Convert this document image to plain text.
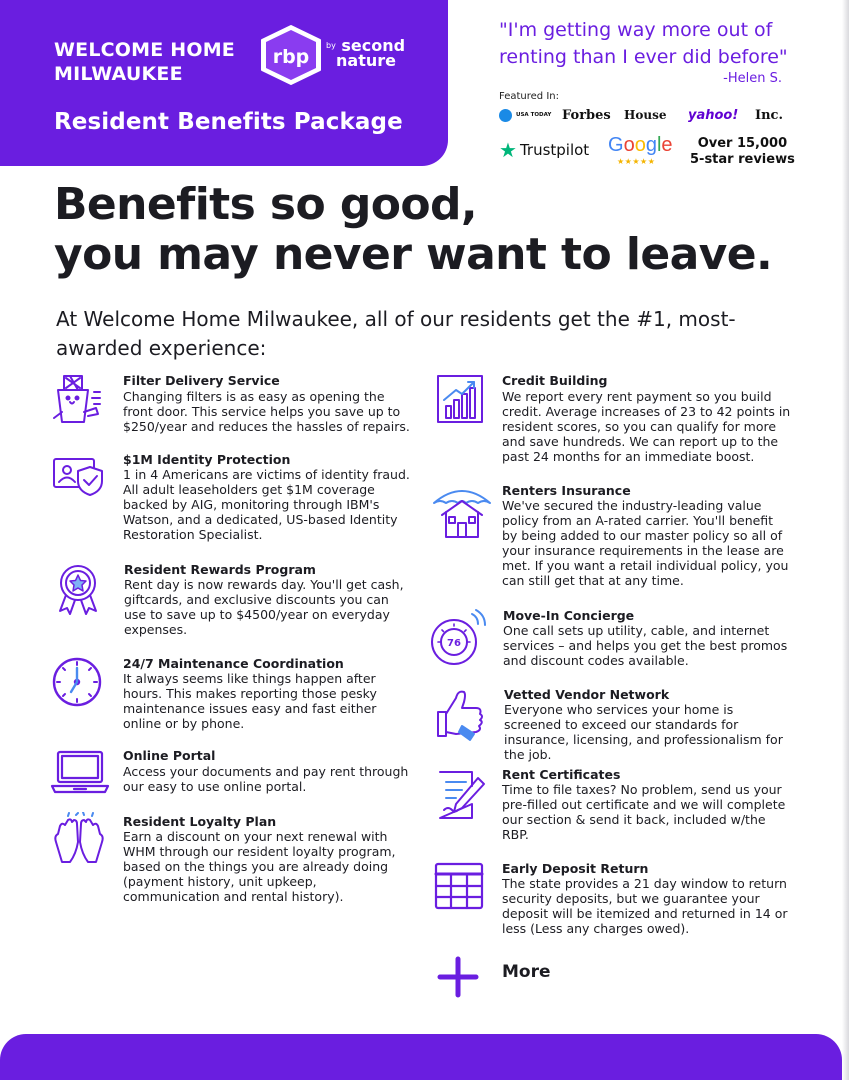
WELCOME HOME
MILWAUKEE
rbp
$^{by}$ second
nature
Resident Benefits Package
"I'm getting way more out of renting than I ever did before"
-Helen S.
Featured In:
USA TODAY Forbes House yahoo! Inc.
★ Trustpilot Google
★★★★★
Over 15,000
5-star reviews
Benefits so good,
you may never want to leave.
At Welcome Home Milwaukee, all of our residents get the #1, most-awarded experience:
Filter Delivery Service
Changing filters is as easy as opening the front door. This service helps you save up to $250/year and reduces the hassles of repairs.
$1M Identity Protection
1 in 4 Americans are victims of identity fraud. All adult leaseholders get $1M coverage backed by AIG, monitoring through IBM's Watson, and a dedicated, US-based Identity Restoration Specialist.
Resident Rewards Program
Rent day is now rewards day. You'll get cash, giftcards, and exclusive discounts you can use to save up to $4500/year on everyday expenses.
24/7 Maintenance Coordination
It always seems like things happen after hours. This makes reporting those pesky maintenance issues easy and fast either online or by phone.
Online Portal
Access your documents and pay rent through our easy to use online portal.
Resident Loyalty Plan
Earn a discount on your next renewal with WHM through our resident loyalty program, based on the things you are already doing (payment history, unit upkeep, communication and rental history).
Credit Building
We report every rent payment so you build credit. Average increases of 23 to 42 points in resident scores, so you can qualify for more and save hundreds. We can report up to the past 24 months for an immediate boost.
Renters Insurance
We've secured the industry-leading value policy from an A-rated carrier. You'll benefit by being added to our master policy so all of your insurance requirements in the lease are met. If you want a retail individual policy, you can still get that at any time.
76
Move-In Concierge
One call sets up utility, cable, and internet services – and helps you get the best promos and discount codes available.
Vetted Vendor Network
Everyone who services your home is screened to exceed our standards for insurance, licensing, and professionalism for the job.
Rent Certificates
Time to file taxes? No problem, send us your pre-filled out certificate and we will complete our section & send it back, included w/the RBP.
Early Deposit Return
The state provides a 21 day window to return security deposits, but we guarantee your deposit will be itemized and returned in 14 or less (Less any charges owed).
More
